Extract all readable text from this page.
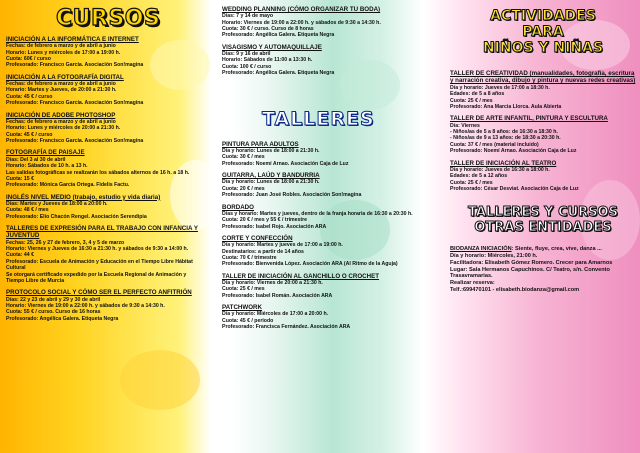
CURSOS
INICIACIÓN A LA INFORMÁTICA E INTERNET
Fechas: de febrero a marzo y de abril a junio
Horario: Lunes y miércoles de 17:00 a 19:00 h.
Cuota: 60€ / curso
Profesorado: Francisco García. Asociación Son!magina
INICIACIÓN A LA FOTOGRAFÍA DIGITAL
Fechas: de febrero a marzo y de abril a junio
Horario: Martes y Jueves, de 20:00 a 21:30 h.
Cuota: 45 € / curso
Profesorado: Francisco García. Asociación Son!magina
INICIACIÓN DE ADOBE PHOTOSHOP
Fechas: de febrero a marzo y de abril a junio
Horario: Lunes y miércoles de 20:00 a 21:30 h.
Cuota: 45 € / curso
Profesorado: Francisco García. Asociación Son!magina
FOTOGRAFÍA DE PAISAJE
Días: Del 3 al 30 de abril
Horario: Sábados de 10 h. a 13 h.
Las salidas fotográficas se realizarán los sábados alternos de 16 h. a 18 h.
Cuota: 15 €
Profesorado: Mónica García Ortega. Fidelis Factu.
INGLÉS NIVEL MEDIO (trabajo, estudio y vida diaria)
Días: Martes y Jueves de 18:00 a 20:00 h.
Cuota: 48 € / mes
Profesorado: Elio Chacón Rengel. Asociación Serendipia
TALLERES DE EXPRESIÓN PARA EL TRABAJO CON INFANCIA Y JUVENTUD
Fechas: 25, 26 y 27 de febrero, 3, 4 y 5 de marzo
Horario: Viernes y Jueves de 16:30 a 21:30 h. y sábados de 9:30 a 14:00 h.
Cuota: 44 €
Profesorado: Escuela de Animación y Educación en el Tiempo Libre Hábitat Cultural
Se otorgará certificado expedido por la Escuela Regional de Animación y Tiempo Libre de Murcia
PROTOCOLO SOCIAL Y CÓMO SER EL PERFECTO ANFITRIÓN
Días: 22 y 23 de abril y 29 y 30 de abril
Horario: Viernes de 19:00 a 22:00 h. y sábados de 9:30 a 14:30 h.
Cuota: 55 € / curso. Curso de 16 horas
Profesorado: Angélica Galera. Etiqueta Negra
WEDDING PLANNING (CÓMO ORGANIZAR TU BODA)
Días: 7 y 14 de mayo
Horario: Viernes de 19:00 a 22:00 h. y sábados de 9:30 a 14:30 h.
Cuota: 30 € / curso. Curso de 8 horas
Profesorado: Angélica Galera. Etiqueta Negra
VISAGISMO Y AUTOMAQUILLAJE
Días: 9 y 16 de abril
Horario: Sábados de 11:00 a 13:30 h.
Cuota: 100 € / curso
Profesorado: Angélica Galera. Etiqueta Negra
TALLERES
PINTURA PARA ADULTOS
Día y horario: Lunes de 18:00 a 21:30 h.
Cuota: 30 € / mes
Profesorado: Noemí Arnao. Asociación Caja de Luz
GUITARRA, LAÚD Y BANDURRIA
Día y horario: Lunes de 18:00 a 21:30 h.
Cuota: 20 € / mes
Profesorado: Juan José Robles. Asociación Son!magina
BORDADO
Días y horario: Martes y jueves, dentro de la franja horaria de 16:30 a 20:30 h.
Cuota: 20 € / mes y 55 € / trimestre
Profesorado: Isabel Rojo. Asociación ARA
CORTE Y CONFECCIÓN
Día y horario: Martes y jueves de 17:00 a 19:00 h.
Destinatarios: a partir de 14 años
Cuota: 70 € / trimestre
Profesorado: Bienvenida López. Asociación ARA (Al Ritmo de la Aguja)
TALLER DE INICIACIÓN AL GANCHILLO O CROCHET
Día y horario: Viernes de 20:00 a 21:30 h.
Cuota: 25 € / mes
Profesorado: Isabel Román. Asociación ARA
PATCHWORK
Día y horario: Miércoles de 17:00 a 20:00 h.
Cuota: 45 € / periodo
Profesorado: Francisca Fernández. Asociación ARA
ACTIVIDADES
PARA
NIÑOS Y NIÑAS
TALLER DE CREATIVIDAD (manualidades, fotografía, escritura y narración creativa, dibujo y pintura y nuevas redes creativas)
Día y horario: Jueves de 17:00 a 18:30 h.
Edades: de 5 a 8 años
Cuota: 25 € / mes
Profesorado: Ana Marcia Llorca. Aula Abierta
TALLER DE ARTE INFANTIL, PINTURA Y ESCULTURA
Día: Viernes
- Niños/as de 5 a 8 años: de 16:30 a 18:30 h.
- Niños/as de 9 a 13 años: de 18:30 a 20:30 h.
Cuota: 37 € / mes (material incluido)
Profesorado: Noemí Arnao. Asociación Caja de Luz
TALLER DE INICIACIÓN AL TEATRO
Día y horario: Jueves de 16:30 a 18:00 h.
Edades: de 5 a 12 años
Cuota: 25 € / mes
Profesorado: César Desviat. Asociación Caja de Luz
TALLERES Y CURSOS
OTRAS ENTIDADES
BIODANZA INICIACIÓN: Siente, fluye, crea, vive, danza ...
Día y horario: Miércoles, 21:00 h.
Facilitadora: Elisabeth Gómez Romero. Crecer para Amarnos
Lugar: Sala Hermanos Capuchinos. C/ Teatro, s/n. Convento Trasavramarias.
Realizar reserva:
Telf.:699470101 - elisabeth.biodanza@gmail.com
